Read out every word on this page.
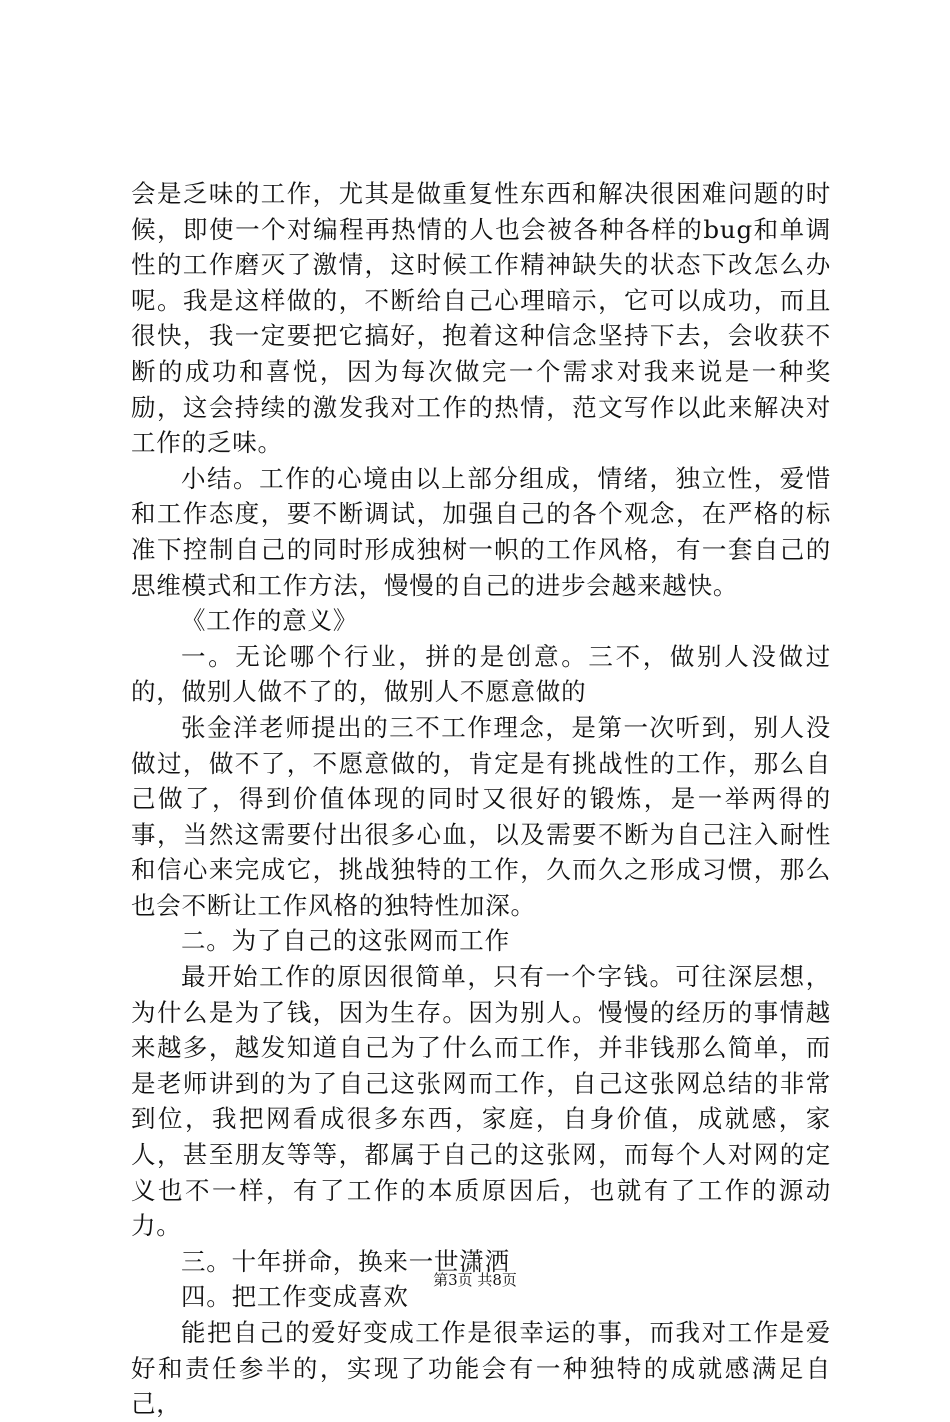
会是乏味的工作，尤其是做重复性东西和解决很困难问题的时候，即使一个对编程再热情的人也会被各种各样的bug和单调性的工作磨灭了激情，这时候工作精神缺失的状态下改怎么办呢。我是这样做的，不断给自己心理暗示，它可以成功，而且很快，我一定要把它搞好，抱着这种信念坚持下去，会收获不断的成功和喜悦，因为每次做完一个需求对我来说是一种奖励，这会持续的激发我对工作的热情，范文写作以此来解决对工作的乏味。

小结。工作的心境由以上部分组成，情绪，独立性，爱惜和工作态度，要不断调试，加强自己的各个观念，在严格的标准下控制自己的同时形成独树一帜的工作风格，有一套自己的思维模式和工作方法，慢慢的自己的进步会越来越快。

《工作的意义》

一。无论哪个行业，拼的是创意。三不，做别人没做过的，做别人做不了的，做别人不愿意做的

张金洋老师提出的三不工作理念，是第一次听到，别人没做过，做不了，不愿意做的，肯定是有挑战性的工作，那么自己做了，得到价值体现的同时又很好的锻炼，是一举两得的事，当然这需要付出很多心血，以及需要不断为自己注入耐性和信心来完成它，挑战独特的工作，久而久之形成习惯，那么也会不断让工作风格的独特性加深。

二。为了自己的这张网而工作

最开始工作的原因很简单，只有一个字钱。可往深层想，为什么是为了钱，因为生存。因为别人。慢慢的经历的事情越来越多，越发知道自己为了什么而工作，并非钱那么简单，而是老师讲到的为了自己这张网而工作，自己这张网总结的非常到位，我把网看成很多东西，家庭，自身价值，成就感，家人，甚至朋友等等，都属于自己的这张网，而每个人对网的定义也不一样，有了工作的本质原因后，也就有了工作的源动力。

三。十年拼命，换来一世潇洒

四。把工作变成喜欢

能把自己的爱好变成工作是很幸运的事，而我对工作是爱好和责任参半的，实现了功能会有一种独特的成就感满足自己，

第3页 共8页
